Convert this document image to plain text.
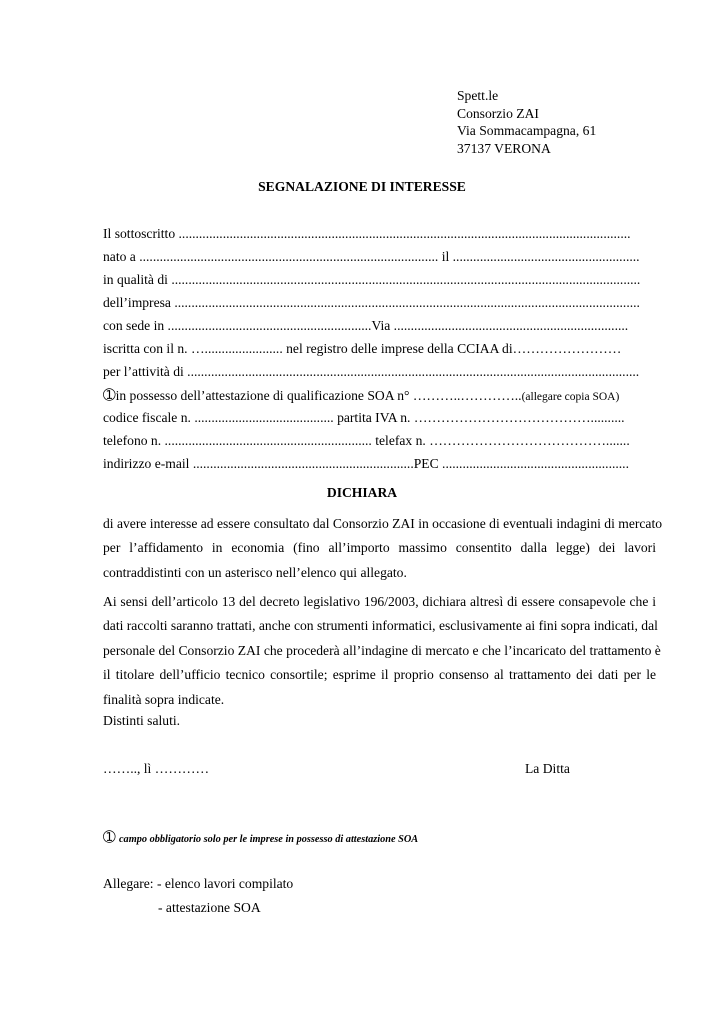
Spett.le
Consorzio ZAI
Via Sommacampagna, 61
37137 VERONA
SEGNALAZIONE DI INTERESSE
Il sottoscritto .....................................................................................................................................
nato a ........................................................................................ il .......................................................
in qualità di ..........................................................................................................................................
dell’impresa .........................................................................................................................................
con sede in ............................................................Via .....................................................................
iscritta con il n. …....................... nel registro delle imprese della CCIAA di……………………
per l’attività di .....................................................................................................................................
➀in possesso dell’attestazione di qualificazione SOA n° ………..…………..(allegare copia SOA)
codice fiscale n. ......................................... partita IVA n. …………………………………..........
telefono n. ............................................................. telefax n. ………………………………….......
indirizzo e-mail .................................................................PEC .......................................................
DICHIARA
di avere interesse ad essere consultato dal Consorzio ZAI in occasione di eventuali indagini di mercato
per l’affidamento in economia (fino all’importo massimo consentito dalla legge) dei lavori
contraddistinti con un asterisco nell’elenco qui allegato.
Ai sensi dell’articolo 13 del decreto legislativo 196/2003, dichiara altresì di essere consapevole che i
dati raccolti saranno trattati, anche con strumenti informatici, esclusivamente ai fini sopra indicati, dal
personale del Consorzio ZAI che procederà all’indagine di mercato e che l’incaricato del trattamento è
il titolare dell’ufficio tecnico consortile; esprime il proprio consenso al trattamento dei dati per le
finalità sopra indicate.
Distinti saluti.
…….., lì …………	La Ditta
➀ campo obbligatorio solo per le imprese in possesso di attestazione SOA
Allegare: - elenco lavori compilato
- attestazione SOA
